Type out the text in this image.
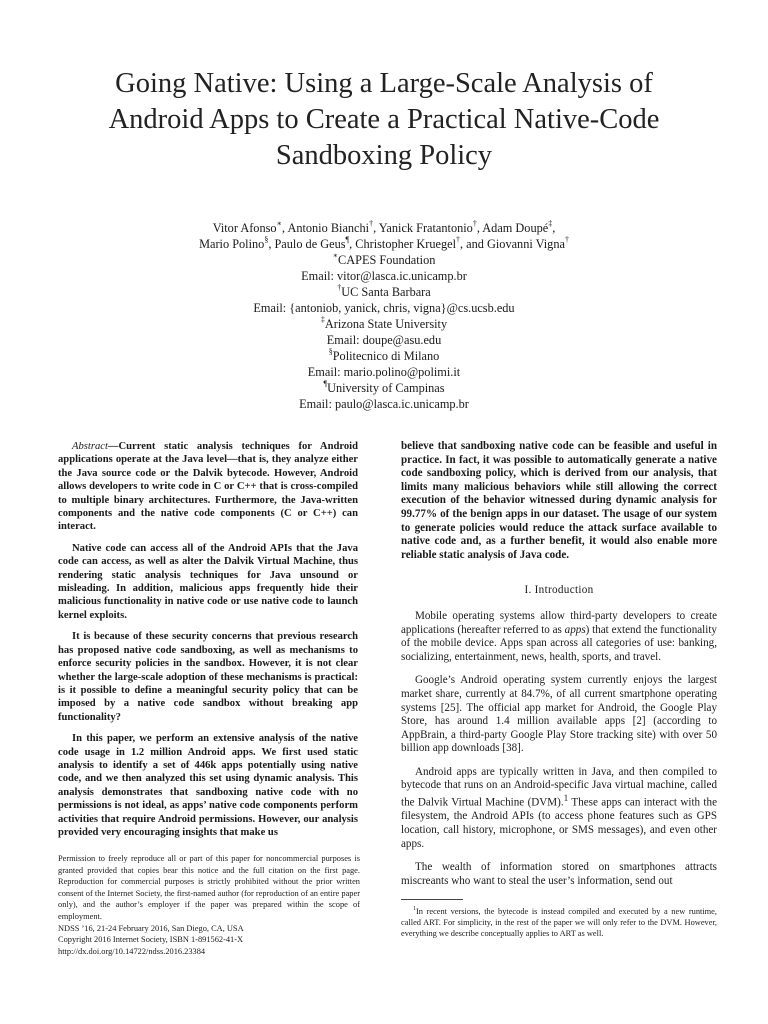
Going Native: Using a Large-Scale Analysis of
Android Apps to Create a Practical Native-Code
Sandboxing Policy
Vitor Afonso∗, Antonio Bianchi†, Yanick Fratantonio†, Adam Doupé‡,
Mario Polino§, Paulo de Geus¶, Christopher Kruegel†, and Giovanni Vigna†
∗CAPES Foundation
Email: vitor@lasca.ic.unicamp.br
†UC Santa Barbara
Email: {antoniob, yanick, chris, vigna}@cs.ucsb.edu
‡Arizona State University
Email: doupe@asu.edu
§Politecnico di Milano
Email: mario.polino@polimi.it
¶University of Campinas
Email: paulo@lasca.ic.unicamp.br

Abstract—Current static analysis techniques for Android applications operate at the Java level—that is, they analyze either the Java source code or the Dalvik bytecode. However, Android allows developers to write code in C or C++ that is cross-compiled to multiple binary architectures. Furthermore, the Java-written components and the native code components (C or C++) can interact.

Native code can access all of the Android APIs that the Java code can access, as well as alter the Dalvik Virtual Machine, thus rendering static analysis techniques for Java unsound or misleading. In addition, malicious apps frequently hide their malicious functionality in native code or use native code to launch kernel exploits.

It is because of these security concerns that previous research has proposed native code sandboxing, as well as mechanisms to enforce security policies in the sandbox. However, it is not clear whether the large-scale adoption of these mechanisms is practical: is it possible to define a meaningful security policy that can be imposed by a native code sandbox without breaking app functionality?

In this paper, we perform an extensive analysis of the native code usage in 1.2 million Android apps. We first used static analysis to identify a set of 446k apps potentially using native code, and we then analyzed this set using dynamic analysis. This analysis demonstrates that sandboxing native code with no permissions is not ideal, as apps’ native code components perform activities that require Android permissions. However, our analysis provided very encouraging insights that make us

Permission to freely reproduce all or part of this paper for noncommercial purposes is granted provided that copies bear this notice and the full citation on the first page. Reproduction for commercial purposes is strictly prohibited without the prior written consent of the Internet Society, the first-named author (for reproduction of an entire paper only), and the author’s employer if the paper was prepared within the scope of employment.

NDSS ’16, 21-24 February 2016, San Diego, CA, USA
Copyright 2016 Internet Society, ISBN 1-891562-41-X
http://dx.doi.org/10.14722/ndss.2016.23384

believe that sandboxing native code can be feasible and useful in practice. In fact, it was possible to automatically generate a native code sandboxing policy, which is derived from our analysis, that limits many malicious behaviors while still allowing the correct execution of the behavior witnessed during dynamic analysis for 99.77% of the benign apps in our dataset. The usage of our system to generate policies would reduce the attack surface available to native code and, as a further benefit, it would also enable more reliable static analysis of Java code.

I. Introduction

Mobile operating systems allow third-party developers to create applications (hereafter referred to as apps) that extend the functionality of the mobile device. Apps span across all categories of use: banking, socializing, entertainment, news, health, sports, and travel.

Google’s Android operating system currently enjoys the largest market share, currently at 84.7%, of all current smartphone operating systems [25]. The official app market for Android, the Google Play Store, has around 1.4 million available apps [2] (according to AppBrain, a third-party Google Play Store tracking site) with over 50 billion app downloads [38].

Android apps are typically written in Java, and then compiled to bytecode that runs on an Android-specific Java virtual machine, called the Dalvik Virtual Machine (DVM).$^1$ These apps can interact with the filesystem, the Android APIs (to access phone features such as GPS location, call history, microphone, or SMS messages), and even other apps.

The wealth of information stored on smartphones attracts miscreants who want to steal the user’s information, send out

$^1$In recent versions, the bytecode is instead compiled and executed by a new runtime, called ART. For simplicity, in the rest of the paper we will only refer to the DVM. However, everything we describe conceptually applies to ART as well.
